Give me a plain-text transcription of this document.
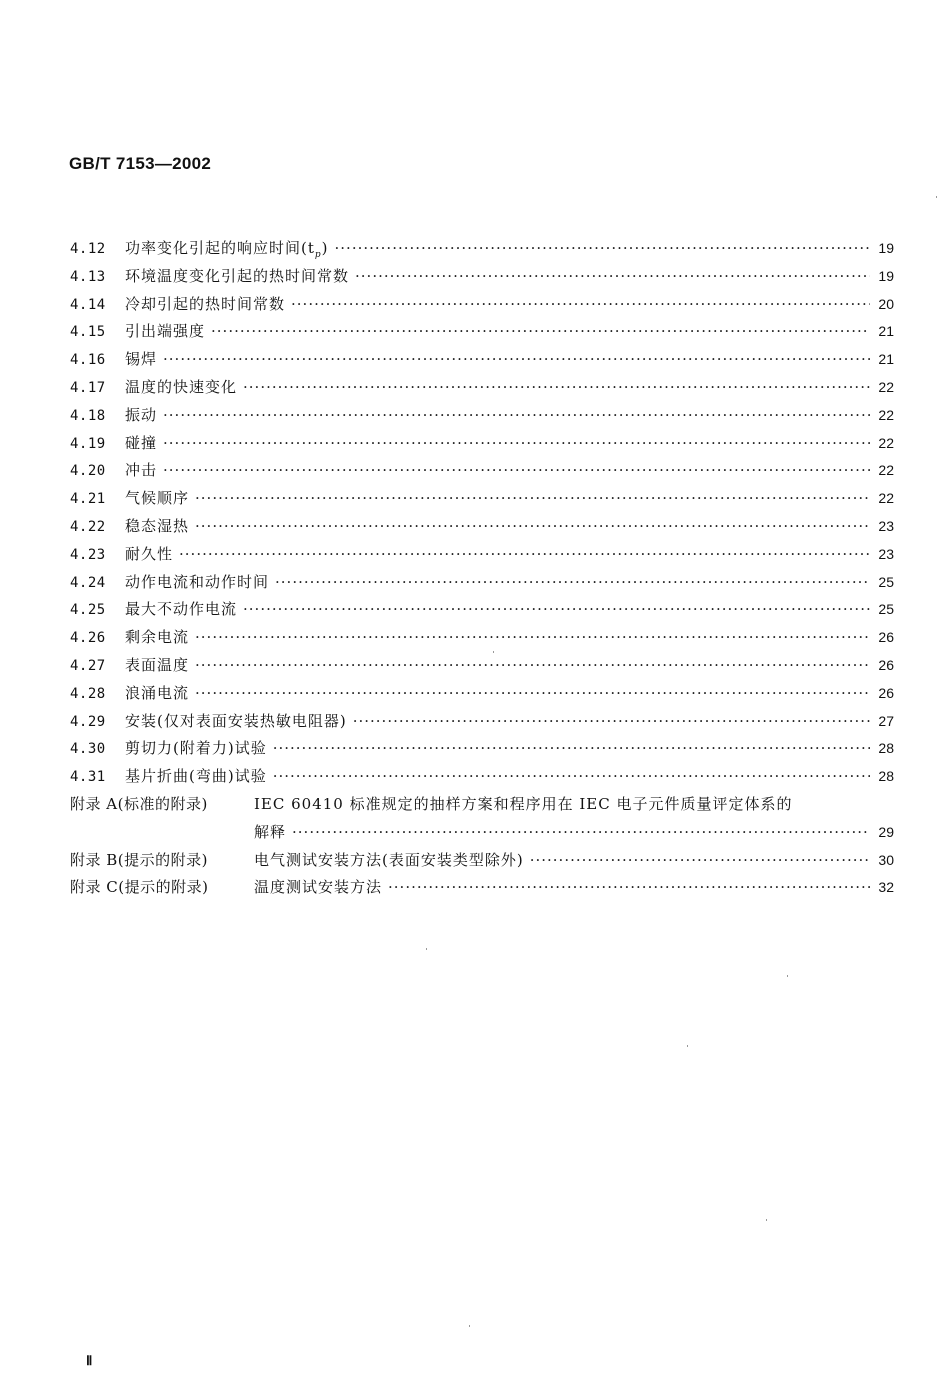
GB/T 7153—2002
4.12	功率变化引起的响应时间$(t_p)$ ·····	19
4.13	环境温度变化引起的热时间常数 ·····	19
4.14	冷却引起的热时间常数 ·····	20
4.15	引出端强度 ·····	21
4.16	锡焊 ·····	21
4.17	温度的快速变化 ·····	22
4.18	振动 ·····	22
4.19	碰撞 ·····	22
4.20	冲击 ·····	22
4.21	气候顺序 ·····	22
4.22	稳态湿热 ·····	23
4.23	耐久性 ·····	23
4.24	动作电流和动作时间 ·····	25
4.25	最大不动作电流 ·····	25
4.26	剩余电流 ·····	26
4.27	表面温度 ·····	26
4.28	浪涌电流 ·····	26
4.29	安装(仅对表面安装热敏电阻器) ·····	27
4.30	剪切力(附着力)试验 ·····	28
4.31	基片折曲(弯曲)试验 ·····	28
附录 A(标准的附录)	IEC 60410 标准规定的抽样方案和程序用在 IEC 电子元件质量评定体系的
解释 ·····	29
附录 B(提示的附录)	电气测试安装方法(表面安装类型除外) ·····	30
附录 C(提示的附录)	温度测试安装方法 ·····	32
Ⅱ
